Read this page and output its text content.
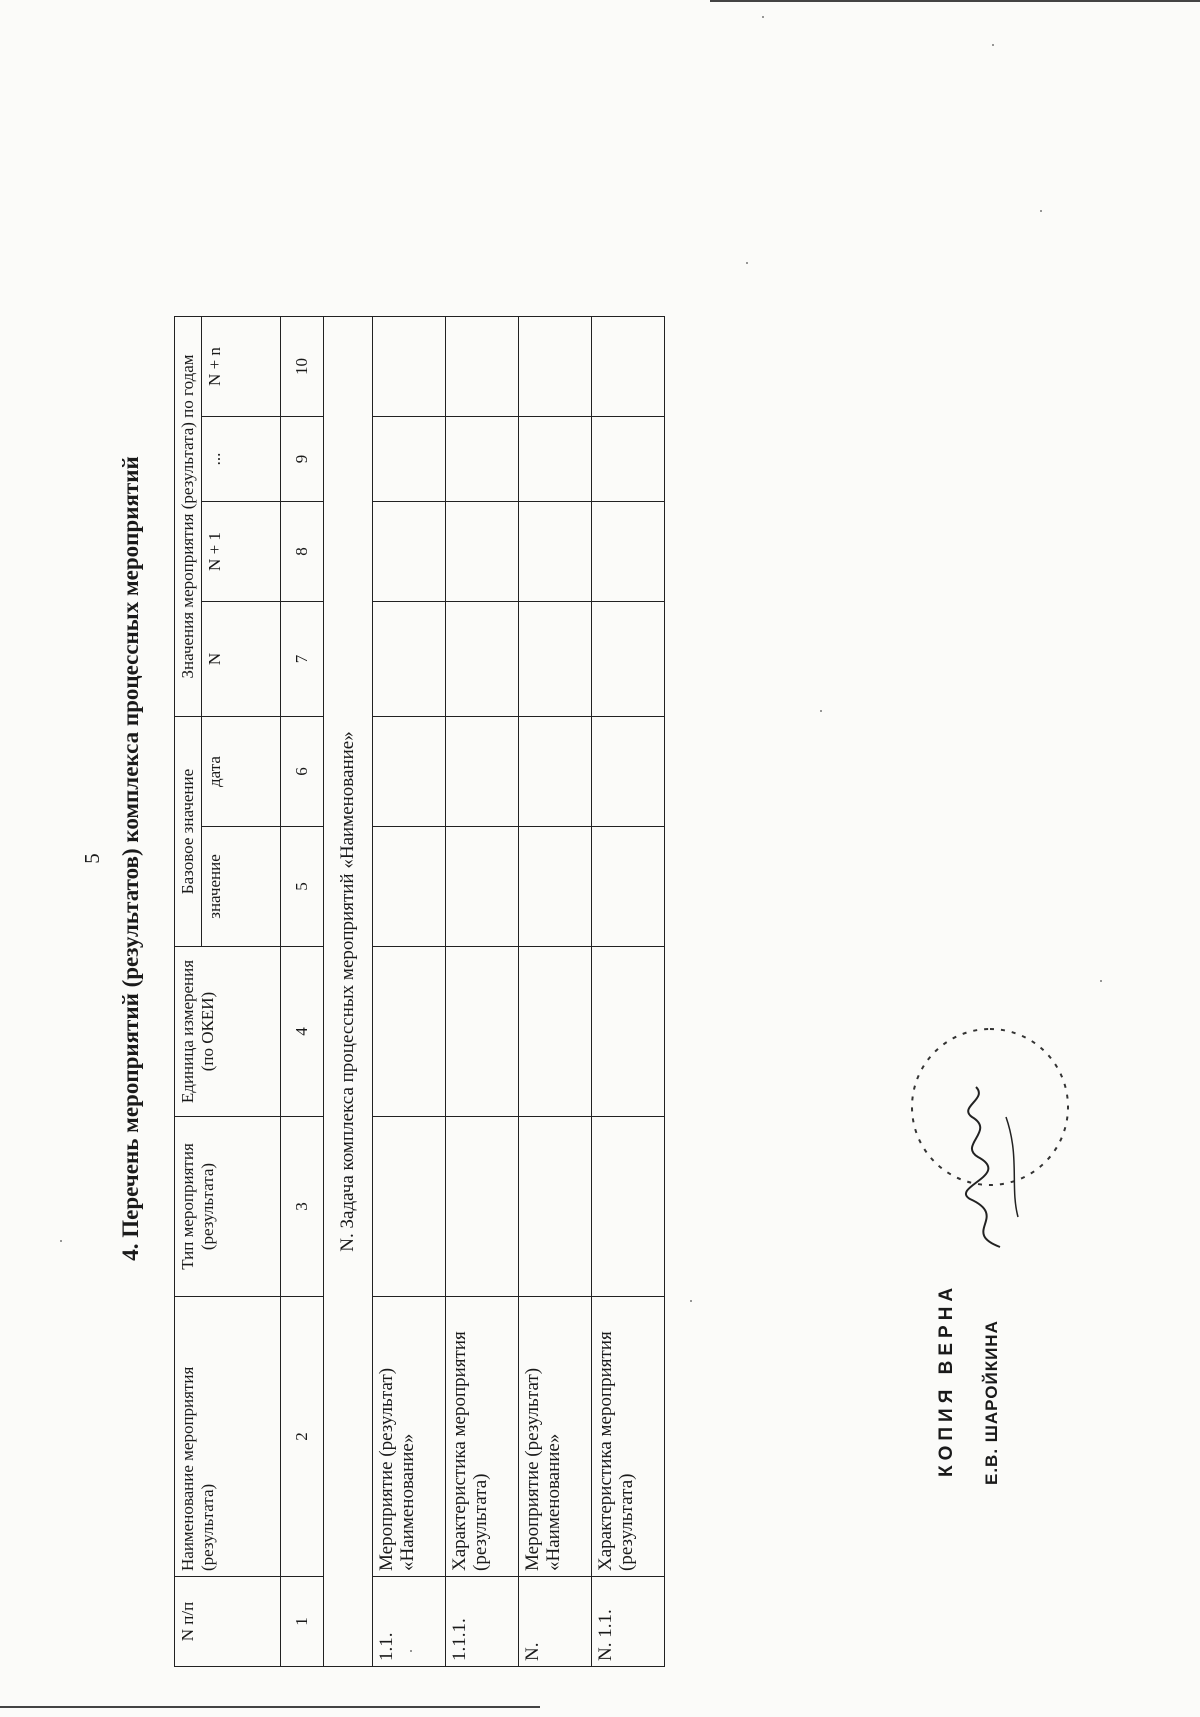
5 4. Перечень мероприятий (результатов) комплекса процессных мероприятий
N п/п	Наименование мероприятия (результата)	Тип мероприятия (результата)	Единица измерения (по ОКЕИ)	Базовое значение		Значения мероприятия (результата) по годам			
				значение	дата	N	N + 1	...	N + n
1	2	3	4	5	6	7	8	9	10
N. Задача комплекса процессных мероприятий «Наименование»									
1.1.	Мероприятие (результат) «Наименование»								
1.1.1.	Характеристика мероприятия (результата)								
N.	Мероприятие (результат) «Наименование»								
N. 1.1.	Характеристика мероприятия (результата)								
КОПИЯ ВЕРНА Е.В. ШАРОЙКИНА
